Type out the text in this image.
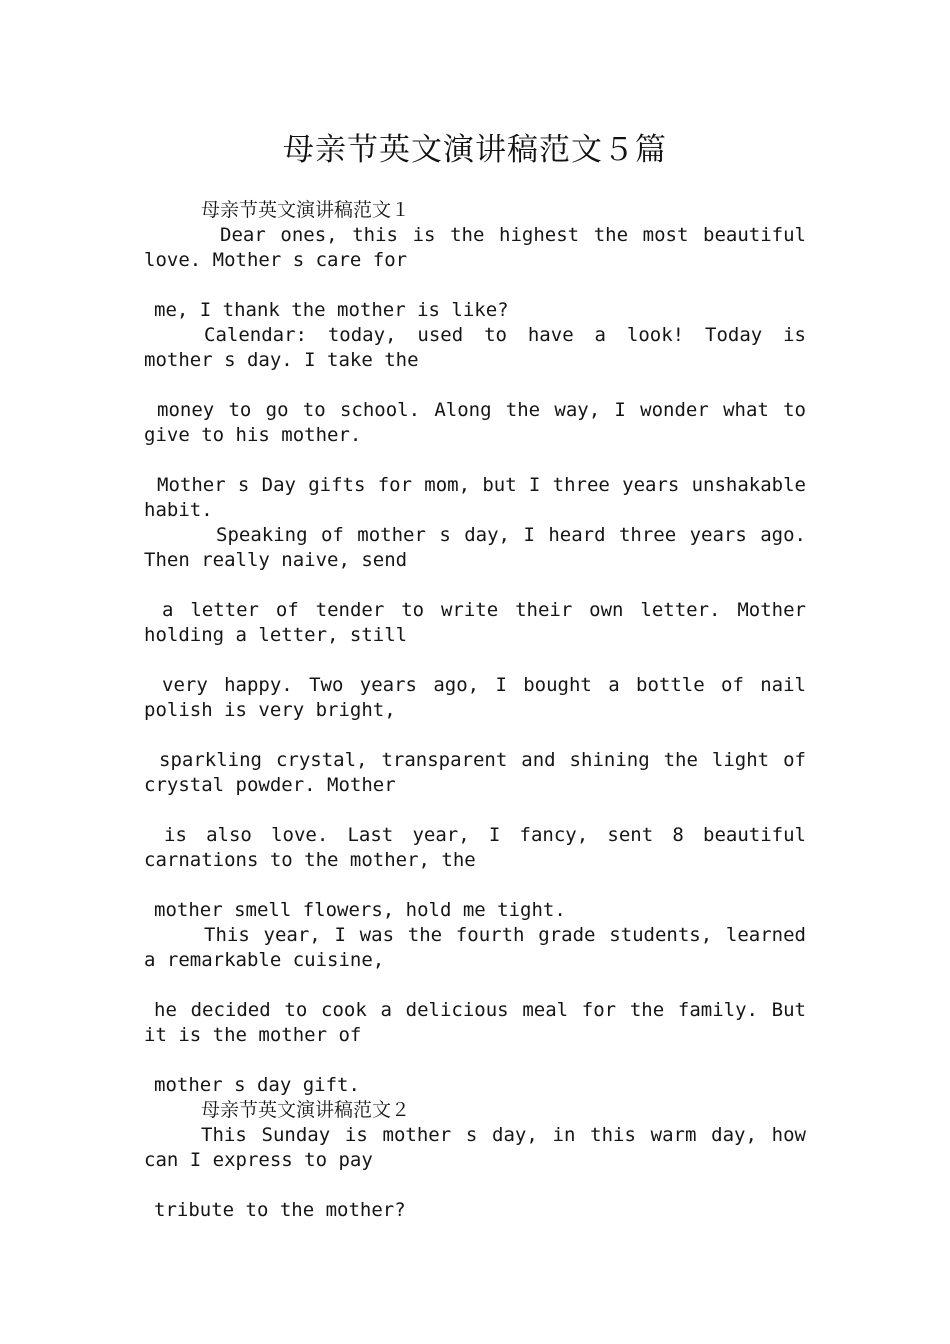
母亲节英文演讲稿范文５篇
母亲节英文演讲稿范文１

Dear ones, this is the highest the most beautiful love. Mother s care for

me, I thank the mother is like?

Calendar: today, used to have a look! Today is mother s day. I take the

money to go to school. Along the way, I wonder what to give to his mother.

Mother s Day gifts for mom, but I three years unshakable habit.

Speaking of mother s day, I heard three years ago. Then really naive, send

a letter of tender to write their own letter. Mother holding a letter, still

very happy. Two years ago, I bought a bottle of nail polish is very bright,

sparkling crystal, transparent and shining the light of crystal powder. Mother

is also love. Last year, I fancy, sent 8 beautiful carnations to the mother, the

mother smell flowers, hold me tight.

This year, I was the fourth grade students, learned a remarkable cuisine,

he decided to cook a delicious meal for the family. But it is the mother of

mother s day gift.

母亲节英文演讲稿范文２

This Sunday is mother s day, in this warm day, how can I express to pay

tribute to the mother?
